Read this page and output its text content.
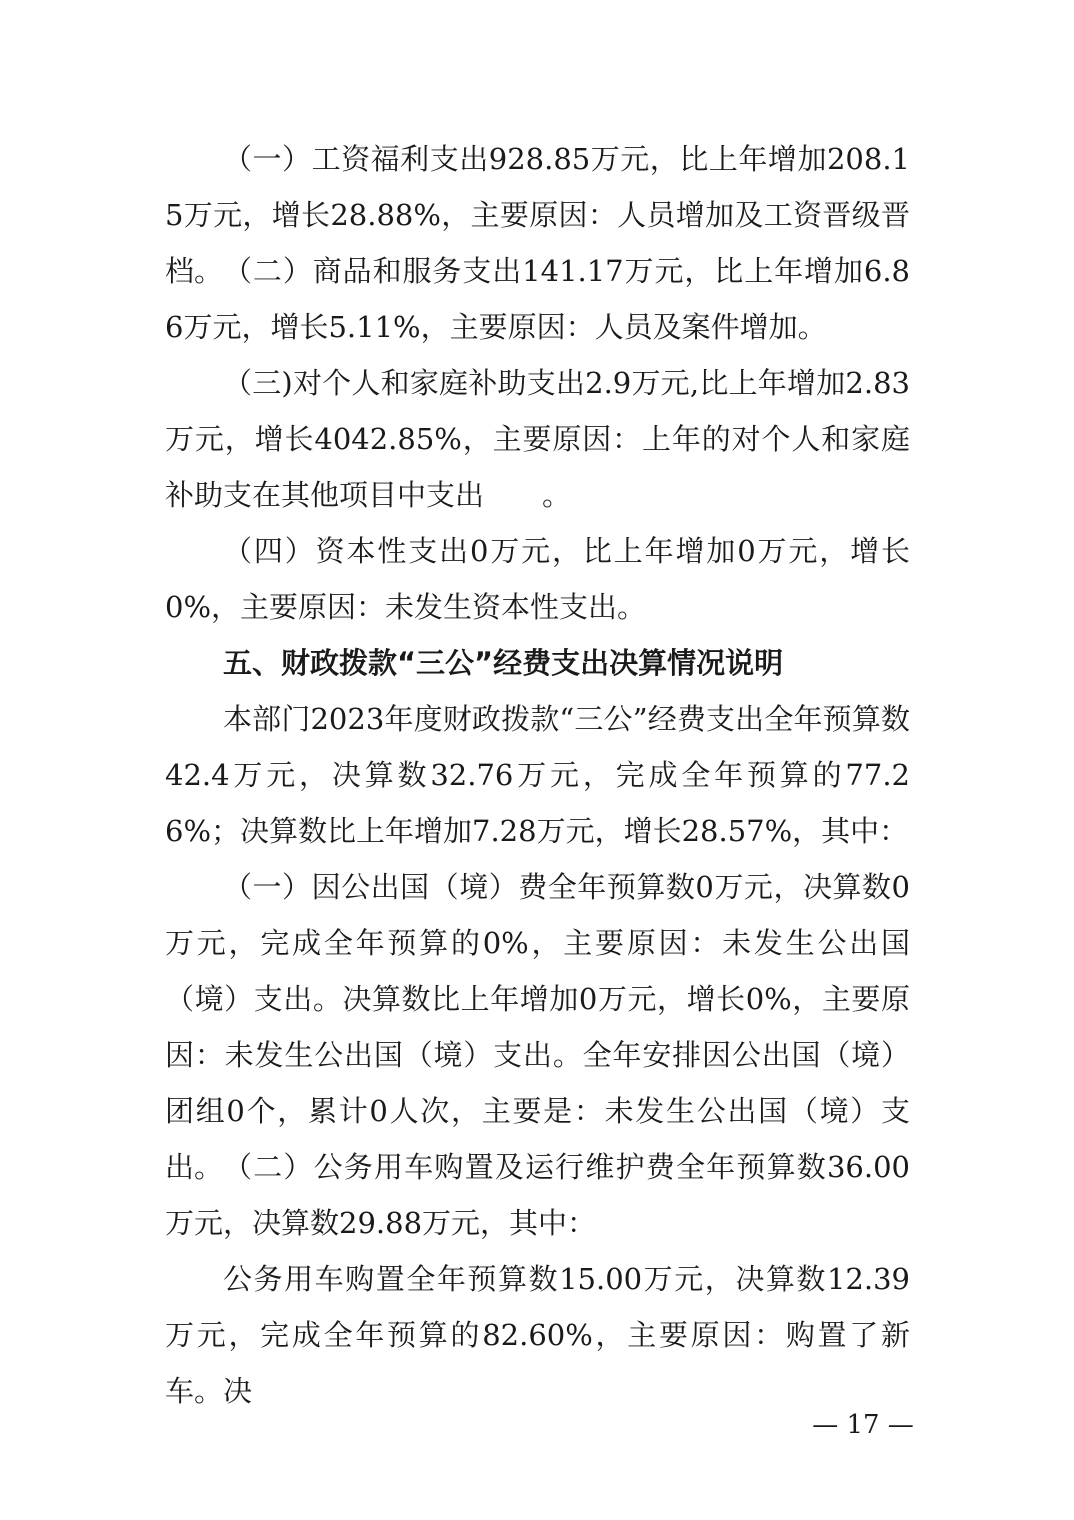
（一）工资福利支出928.85万元，比上年增加208.15万元，增长28.88%，主要原因：人员增加及工资晋级晋档。 （二）商品和服务支出141.17万元，比上年增加6.86万元，增长5.11%，主要原因：人员及案件增加。

（三)对个人和家庭补助支出2.9万元,比上年增加2.83万元，增长4042.85%，主要原因：上年的对个人和家庭补助支在其他项目中支出　　。

（四）资本性支出0万元，比上年增加0万元，增长0%，主要原因：未发生资本性支出。

五、财政拨款“三公”经费支出决算情况说明

本部门2023年度财政拨款“三公”经费支出全年预算数42.4万元，决算数32.76万元，完成全年预算的77.26%；决算数比上年增加7.28万元，增长28.57%，其中：

（一）因公出国（境）费全年预算数0万元，决算数0万元，完成全年预算的0%，主要原因：未发生公出国（境）支出。决算数比上年增加0万元，增长0%，主要原因：未发生公出国（境）支出。全年安排因公出国（境）团组0个，累计0人次，主要是：未发生公出国（境）支出。 （二）公务用车购置及运行维护费全年预算数36.00万元，决算数29.88万元，其中：

公务用车购置全年预算数15.00万元，决算数12.39万元，完成全年预算的82.60%，主要原因：购置了新车。决

— 17 —
